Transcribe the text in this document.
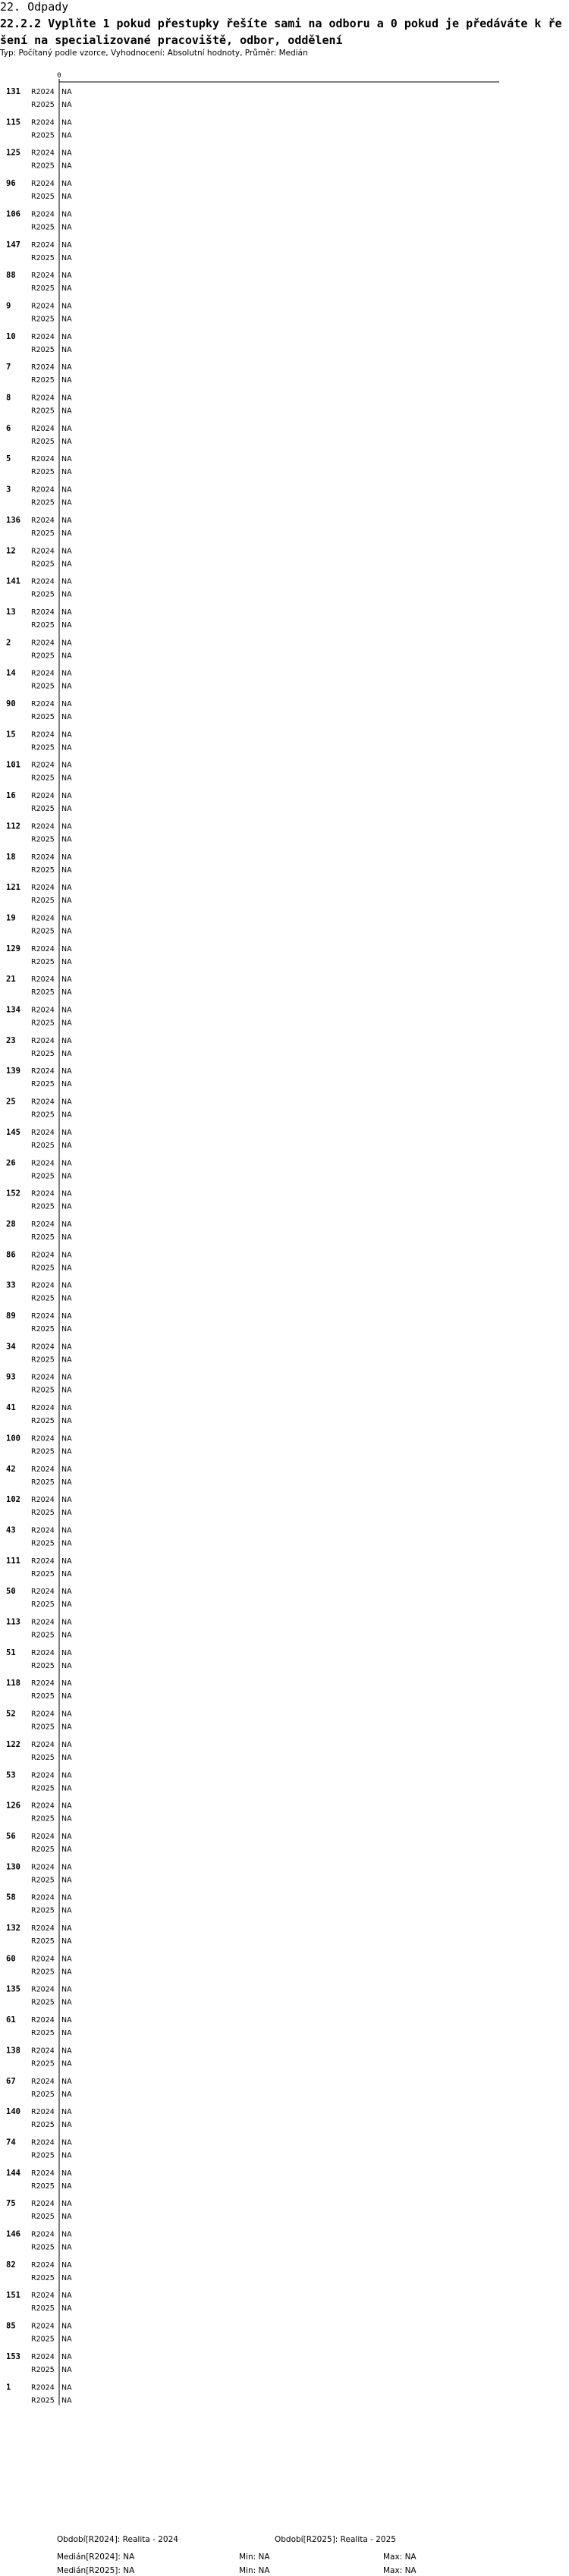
22. Odpady
22.2.2 Vyplňte 1 pokud přestupky řešíte sami na odboru a 0 pokud je předáváte k řešení na specializované pracoviště, odbor, oddělení
Typ: Počítaný podle vzorce, Vyhodnocení: Absolutní hodnoty, Průměr: Medián
0
131 R2024 NA
R2025 NA
115 R2024 NA
R2025 NA
125 R2024 NA
R2025 NA
96 R2024 NA
R2025 NA
106 R2024 NA
R2025 NA
147 R2024 NA
R2025 NA
88 R2024 NA
R2025 NA
9	R2024 NA
R2025 NA
10 R2024 NA
R2025 NA
7	R2024 NA
R2025 NA
8	R2024 NA
R2025 NA
6	R2024 NA
R2025 NA
5	R2024 NA
R2025 NA
3	R2024 NA
R2025 NA
136 R2024 NA
R2025 NA
12 R2024 NA
R2025 NA
141 R2024 NA
R2025 NA
13 R2024 NA
R2025 NA
2	R2024 NA
R2025 NA
14 R2024 NA
R2025 NA
90 R2024 NA
R2025 NA
15 R2024 NA
R2025 NA
101 R2024 NA
R2025 NA
16 R2024 NA
R2025 NA
112 R2024 NA
R2025 NA
18 R2024 NA
R2025 NA
121 R2024 NA
R2025 NA
19 R2024 NA
R2025 NA
129 R2024 NA
R2025 NA
21 R2024 NA
R2025 NA
134 R2024 NA
R2025 NA
23 R2024 NA
R2025 NA
139 R2024 NA
R2025 NA
25 R2024 NA
R2025 NA
145 R2024 NA
R2025 NA
26 R2024 NA
R2025 NA
152 R2024 NA
R2025 NA
28 R2024 NA
R2025 NA
86 R2024 NA
R2025 NA
33 R2024 NA
R2025 NA
89 R2024 NA
R2025 NA
34 R2024 NA
R2025 NA
93 R2024 NA
R2025 NA
41 R2024 NA
R2025 NA
100 R2024 NA
R2025 NA
42 R2024 NA
R2025 NA
102 R2024 NA
R2025 NA
43 R2024 NA
R2025 NA
111 R2024 NA
R2025 NA
50 R2024 NA
R2025 NA
113 R2024 NA
R2025 NA
51 R2024 NA
R2025 NA
118 R2024 NA
R2025 NA
52 R2024 NA
R2025 NA
122 R2024 NA
R2025 NA
53 R2024 NA
R2025 NA
126 R2024 NA
R2025 NA
56 R2024 NA
R2025 NA
130 R2024 NA
R2025 NA
58 R2024 NA
R2025 NA
132 R2024 NA
R2025 NA
60 R2024 NA
R2025 NA
135 R2024 NA
R2025 NA
61 R2024 NA
R2025 NA
138 R2024 NA
R2025 NA
67 R2024 NA
R2025 NA
140 R2024 NA
R2025 NA
74 R2024 NA
R2025 NA
144 R2024 NA
R2025 NA
75 R2024 NA
R2025 NA
146 R2024 NA
R2025 NA
82 R2024 NA
R2025 NA
151 R2024 NA
R2025 NA
85 R2024 NA
R2025 NA
153 R2024 NA
R2025 NA
1	R2024 NA
R2025 NA
Období[R2024]: Realita - 2024	Období[R2025]: Realita - 2025
Medián[R2024]: NA	Min: NA	Max: NA
Medián[R2025]: NA	Min: NA	Max: NA
